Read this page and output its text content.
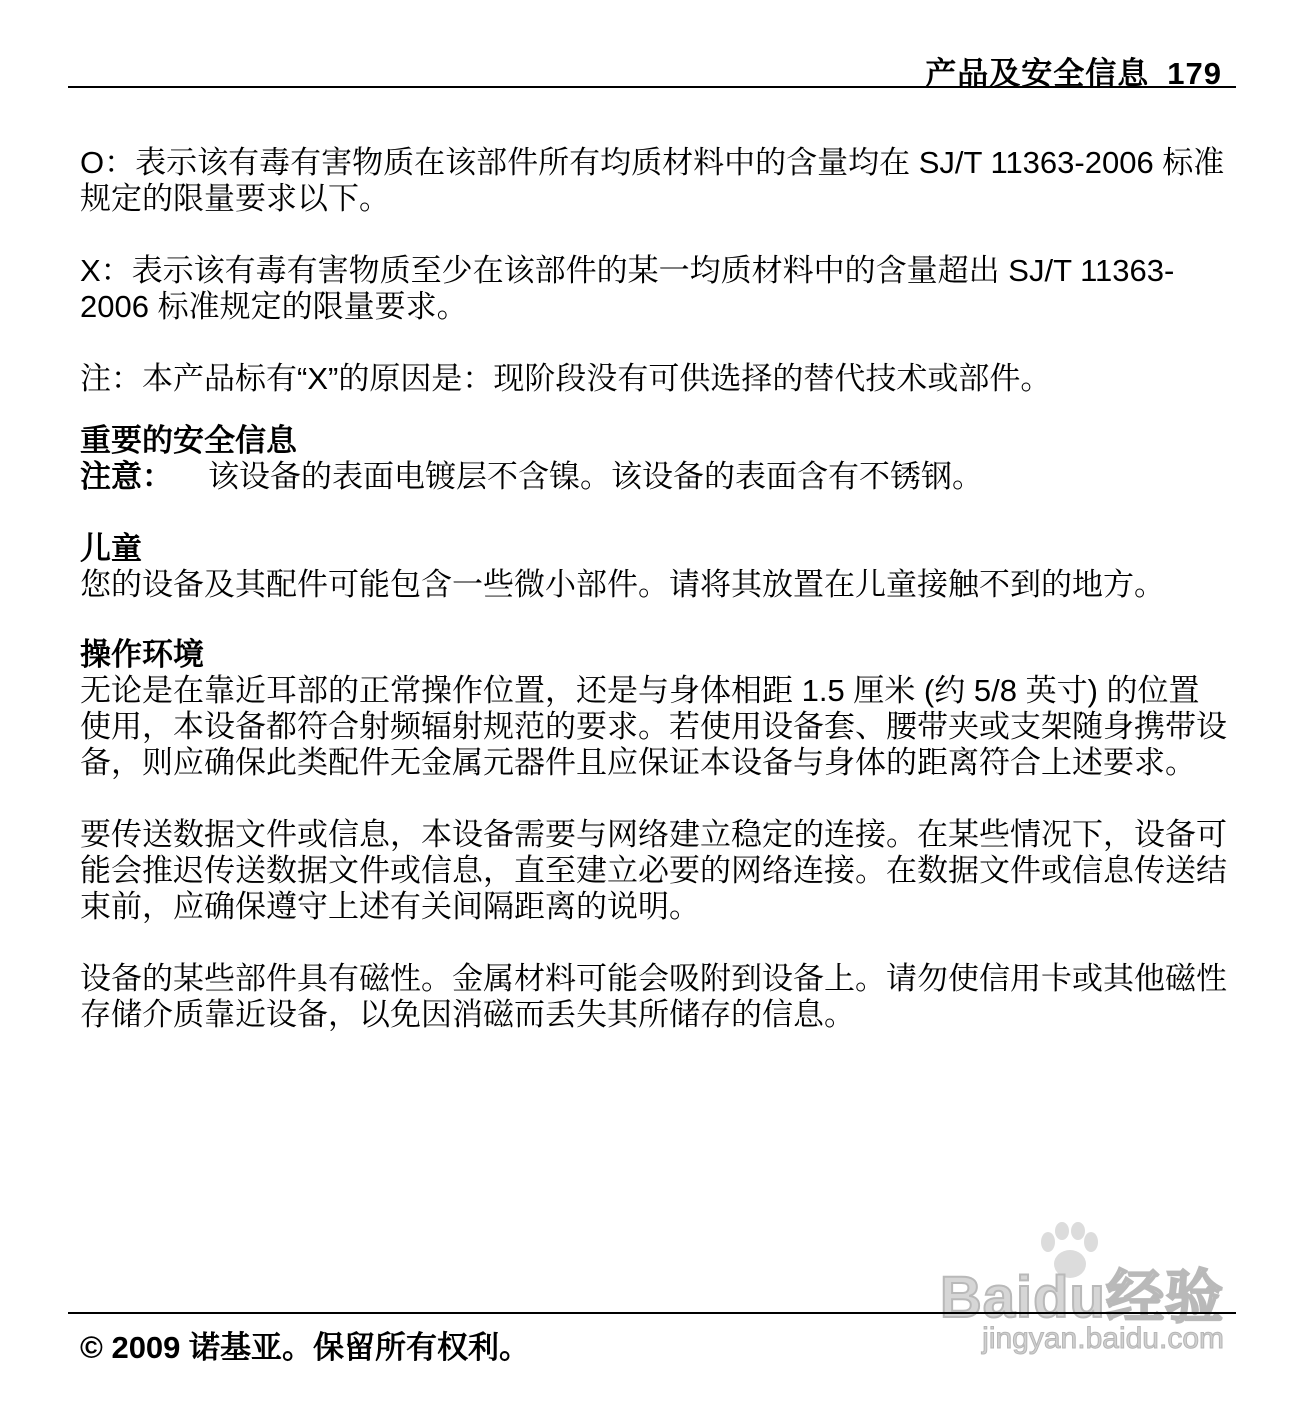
产品及安全信息 179

O：表示该有毒有害物质在该部件所有均质材料中的含量均在 SJ/T 11363-2006 标准规定的限量要求以下。

X：表示该有毒有害物质至少在该部件的某一均质材料中的含量超出 SJ/T 11363-2006 标准规定的限量要求。

注：本产品标有“X”的原因是：现阶段没有可供选择的替代技术或部件。

重要的安全信息

注意： 该设备的表面电镀层不含镍。该设备的表面含有不锈钢。

儿童

您的设备及其配件可能包含一些微小部件。请将其放置在儿童接触不到的地方。

操作环境

无论是在靠近耳部的正常操作位置，还是与身体相距 1.5 厘米 (约 5/8 英寸) 的位置使用，本设备都符合射频辐射规范的要求。若使用设备套、腰带夹或支架随身携带设备，则应确保此类配件无金属元器件且应保证本设备与身体的距离符合上述要求。

要传送数据文件或信息，本设备需要与网络建立稳定的连接。在某些情况下，设备可能会推迟传送数据文件或信息，直至建立必要的网络连接。在数据文件或信息传送结束前，应确保遵守上述有关间隔距离的说明。

设备的某些部件具有磁性。金属材料可能会吸附到设备上。请勿使信用卡或其他磁性存储介质靠近设备，以免因消磁而丢失其所储存的信息。

Baidu经验
jingyan.baidu.com
© 2009 诺基亚。保留所有权利。
